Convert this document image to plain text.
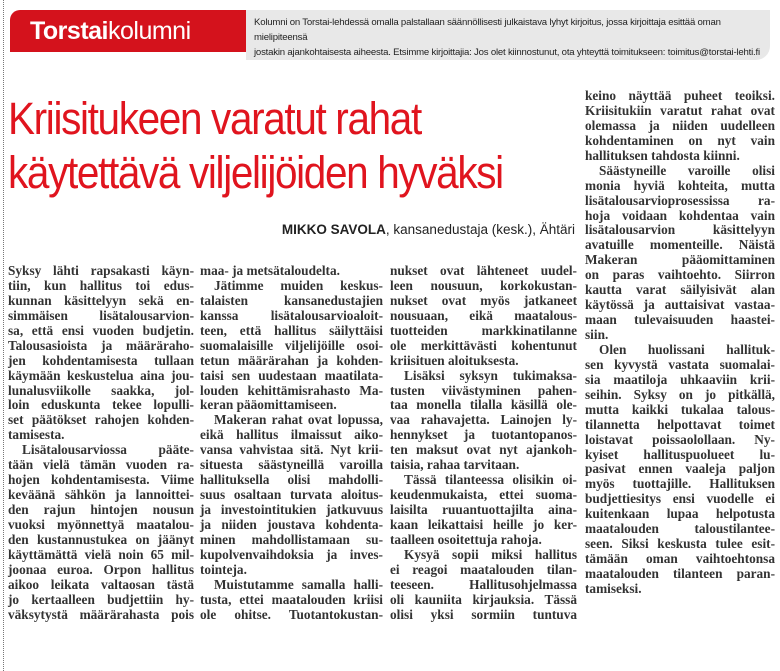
Torstaikolumni	Kolumni on Torstai-lehdessä omalla palstallaan säännöllisesti julkaistava lyhyt kirjoitus, jossa kirjoittaja esittää oman mielipiteensä
jostakin ajankohtaisesta aiheesta. Etsimme kirjoittajia: Jos olet kiinnostunut, ota yhteyttä toimitukseen: toimitus@torstai-lehti.fi
Kriisitukeen varatut rahat
käytettävä viljelijöiden hyväksi
MIKKO SAVOLA, kansanedustaja (kesk.), Ähtäri
Syksy lähti rapsakasti käyn-
tiin, kun hallitus toi edus-
kunnan käsittelyyn sekä en-
simmäisen lisätalousarvion-
sa, että ensi vuoden budjetin.
Talousasioista ja määräraho-
jen kohdentamisesta tullaan
käymään keskustelua aina jou-
lunalusviikolle saakka, jol-
loin eduskunta tekee lopulli-
set päätökset rahojen kohden-
tamisesta.
Lisätalousarviossa pääte-
tään vielä tämän vuoden ra-
hojen kohdentamisesta. Viime
keväänä sähkön ja lannoittei-
den rajun hintojen nousun
vuoksi myönnettyä maatalou-
den kustannustukea on jäänyt
käyttämättä vielä noin 65 mil-
joonaa euroa. Orpon hallitus
aikoo leikata valtaosan tästä
jo kertaalleen budjettiin hy-
väksytystä määrärahasta pois
maa- ja metsätaloudelta.
Jätimme muiden keskus-
talaisten kansanedustajien
kanssa lisätalousarvioaloit-
teen, että hallitus säilyttäisi
suomalaisille viljelijöille osoi-
tetun määrärahan ja kohden-
taisi sen uudestaan maatilata-
louden kehittämisrahasto Ma-
keran pääomittamiseen.
Makeran rahat ovat lopussa,
eikä hallitus ilmaissut aiko-
vansa vahvistaa sitä. Nyt krii-
situesta säästyneillä varoilla
hallituksella olisi mahdolli-
suus osaltaan turvata aloitus-
ja investointitukien jatkuvuus
ja niiden joustava kohdenta-
minen mahdollistamaan su-
kupolvenvaihdoksia ja inves-
tointeja.
Muistutamme samalla halli-
tusta, ettei maatalouden kriisi
ole ohitse. Tuotantokustan-
nukset ovat lähteneet uudel-
leen nousuun, korkokustan-
nukset ovat myös jatkaneet
nousuaan, eikä maatalous-
tuotteiden markkinatilanne
ole merkittävästi kohentunut
kriisituen aloituksesta.
Lisäksi syksyn tukimaksa-
tusten viivästyminen pahen-
taa monella tilalla käsillä ole-
vaa rahavajetta. Lainojen ly-
hennykset ja tuotantopanos-
ten maksut ovat nyt ajankoh-
taisia, rahaa tarvitaan.
Tässä tilanteessa olisikin oi-
keudenmukaista, ettei suoma-
laisilta ruuantuottajilta aina-
kaan leikattaisi heille jo ker-
taalleen osoitettuja rahoja.
Kysyä sopii miksi hallitus
ei reagoi maatalouden tilan-
teeseen. Hallitusohjelmassa
oli kauniita kirjauksia. Tässä
olisi yksi sormiin tuntuva
keino näyttää puheet teoiksi.
Kriisitukiin varatut rahat ovat
olemassa ja niiden uudelleen
kohdentaminen on nyt vain
hallituksen tahdosta kiinni.
Säästyneille varoille olisi
monia hyviä kohteita, mutta
lisätalousarvioprosessissa ra-
hoja voidaan kohdentaa vain
lisätalousarvion käsittelyyn
avatuille momenteille. Näistä
Makeran pääomittaminen
on paras vaihtoehto. Siirron
kautta varat säilyisivät alan
käytössä ja auttaisivat vastaa-
maan tulevaisuuden haastei-
siin.
Olen huolissani hallituk-
sen kyvystä vastata suomalai-
sia maatiloja uhkaaviin krii-
seihin. Syksy on jo pitkällä,
mutta kaikki tukalaa talous-
tilannetta helpottavat toimet
loistavat poissaolollaan. Ny-
kyiset hallituspuolueet lu-
pasivat ennen vaaleja paljon
myös tuottajille. Hallituksen
budjettiesitys ensi vuodelle ei
kuitenkaan lupaa helpotusta
maatalouden taloustilantee-
seen. Siksi keskusta tulee esit-
tämään oman vaihtoehtonsa
maatalouden tilanteen paran-
tamiseksi.
